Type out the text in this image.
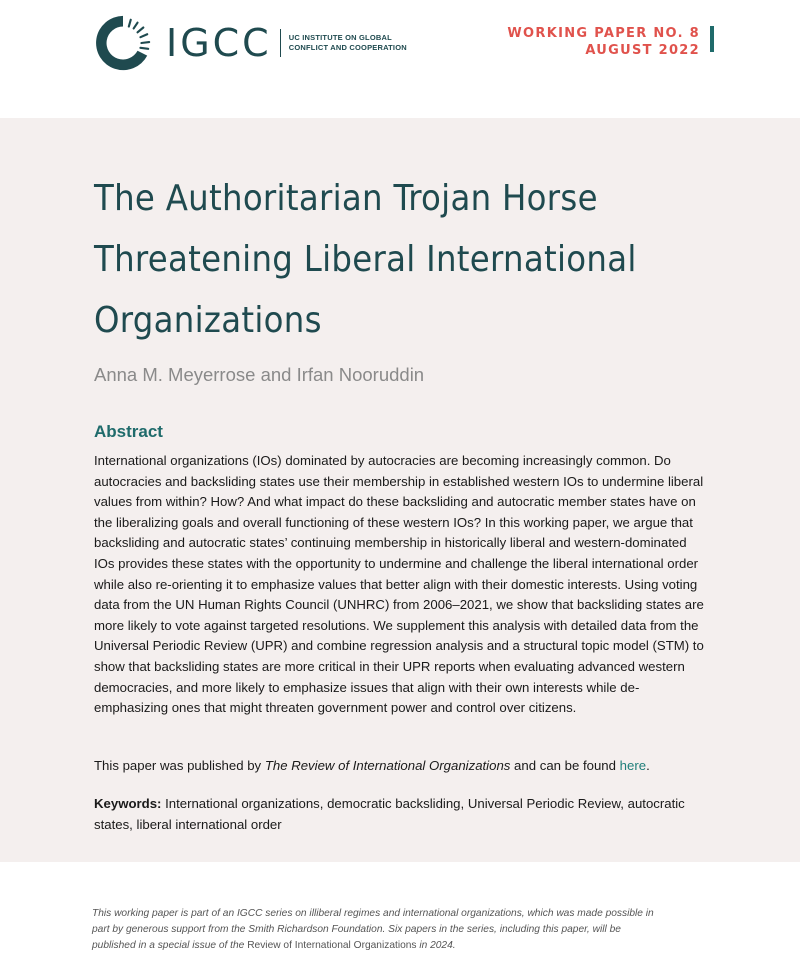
IGCC UC INSTITUTE ON GLOBAL
CONFLICT AND COOPERATION
WORKING PAPER NO. 8
AUGUST 2022
The Authoritarian Trojan Horse
Threatening Liberal International
Organizations

Anna M. Meyerrose and Irfan Nooruddin

Abstract

International organizations (IOs) dominated by autocracies are becoming increasingly common. Do autocracies and backsliding states use their membership in established western IOs to undermine liberal values from within? How? And what impact do these backsliding and autocratic member states have on the liberalizing goals and overall functioning of these western IOs? In this working paper, we argue that backsliding and autocratic states’ continuing membership in historically liberal and western-dominated IOs provides these states with the opportunity to undermine and challenge the liberal international order while also re-orienting it to emphasize values that better align with their domestic interests. Using voting data from the UN Human Rights Council (UNHRC) from 2006–2021, we show that backsliding states are more likely to vote against targeted resolutions. We supplement this analysis with detailed data from the Universal Periodic Review (UPR) and combine regression analysis and a structural topic model (STM) to show that backsliding states are more critical in their UPR reports when evaluating advanced western democracies, and more likely to emphasize issues that align with their own interests while de-emphasizing ones that might threaten government power and control over citizens.

This paper was published by The Review of International Organizations and can be found here.

Keywords: International organizations, democratic backsliding, Universal Periodic Review, autocratic states, liberal international order

This working paper is part of an IGCC series on illiberal regimes and international organizations, which was made possible in part by generous support from the Smith Richardson Foundation. Six papers in the series, including this paper, will be published in a special issue of the Review of International Organizations in 2024.
